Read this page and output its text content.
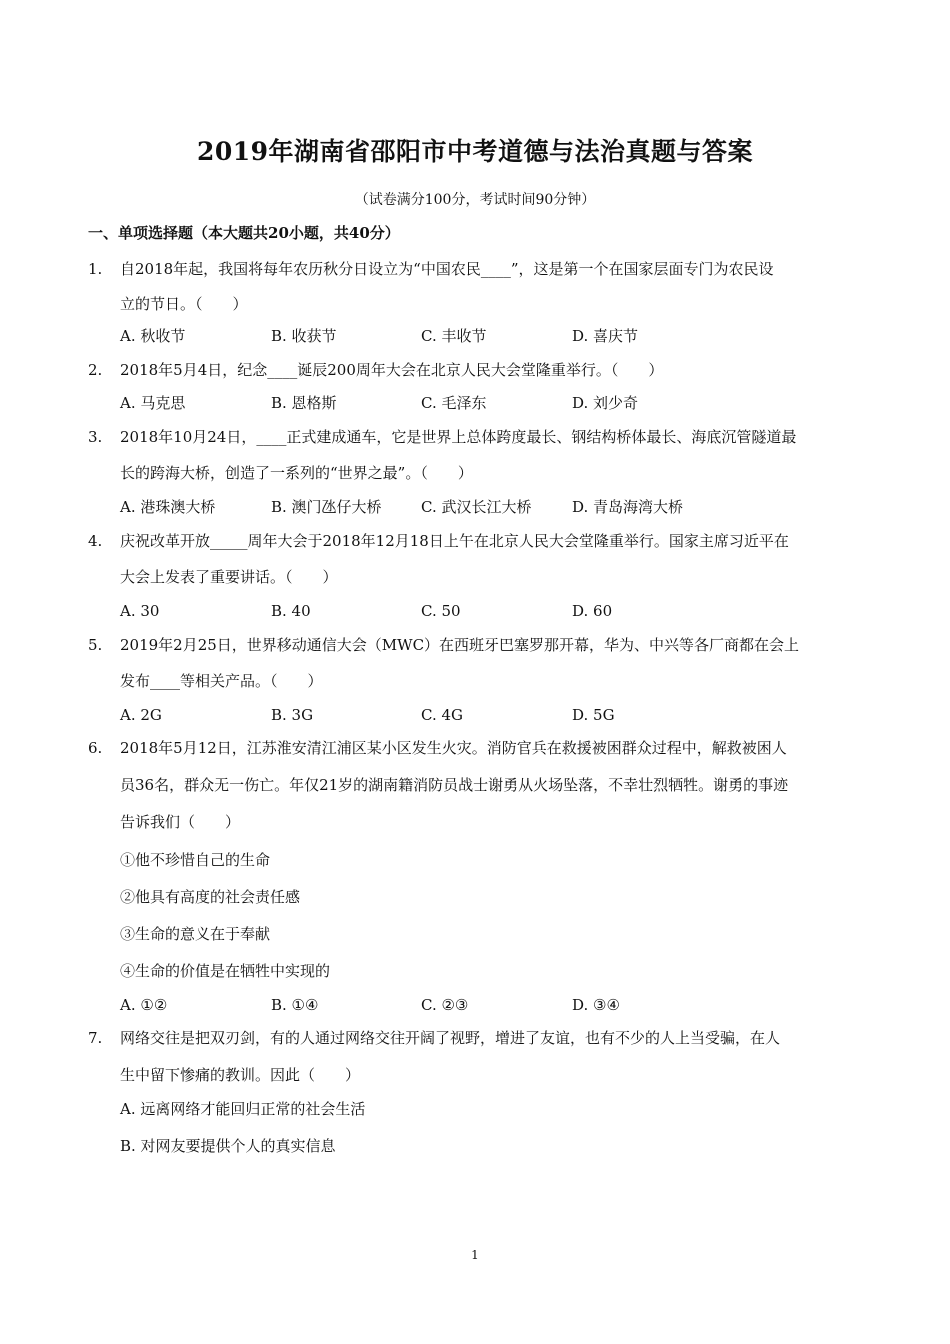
2019年湖南省邵阳市中考道德与法治真题与答案
（试卷满分100分，考试时间90分钟）
一、单项选择题（本大题共20小题，共40分）
1. 自2018年起，我国将每年农历秋分日设立为“中国农民____”，这是第一个在国家层面专门为农民设
立的节日。（　　）
A. 秋收节	B. 收获节	C. 丰收节	D. 喜庆节
2. 2018年5月4日，纪念____诞辰200周年大会在北京人民大会堂隆重举行。（　　）
A. 马克思	B. 恩格斯	C. 毛泽东	D. 刘少奇
3. 2018年10月24日，____正式建成通车，它是世界上总体跨度最长、钢结构桥体最长、海底沉管隧道最
长的跨海大桥，创造了一系列的“世界之最”。（　　）
A. 港珠澳大桥	B. 澳门氹仔大桥	C. 武汉长江大桥	D. 青岛海湾大桥
4. 庆祝改革开放_____周年大会于2018年12月18日上午在北京人民大会堂隆重举行。国家主席习近平在
大会上发表了重要讲话。（　　）
A. 30	B. 40	C. 50	D. 60
5. 2019年2月25日，世界移动通信大会（MWC）在西班牙巴塞罗那开幕，华为、中兴等各厂商都在会上
发布____等相关产品。（　　）
A. 2G	B. 3G	C. 4G	D. 5G
6. 2018年5月12日，江苏淮安清江浦区某小区发生火灾。消防官兵在救援被困群众过程中，解救被困人
员36名，群众无一伤亡。年仅21岁的湖南籍消防员战士谢勇从火场坠落，不幸壮烈牺牲。谢勇的事迹
告诉我们（　　）
①他不珍惜自己的生命
②他具有高度的社会责任感
③生命的意义在于奉献
④生命的价值是在牺牲中实现的
A. ①②	B. ①④	C. ②③	D. ③④
7. 网络交往是把双刃剑，有的人通过网络交往开阔了视野，增进了友谊，也有不少的人上当受骗，在人
生中留下惨痛的教训。因此（　　）
A. 远离网络才能回归正常的社会生活
B. 对网友要提供个人的真实信息
1
